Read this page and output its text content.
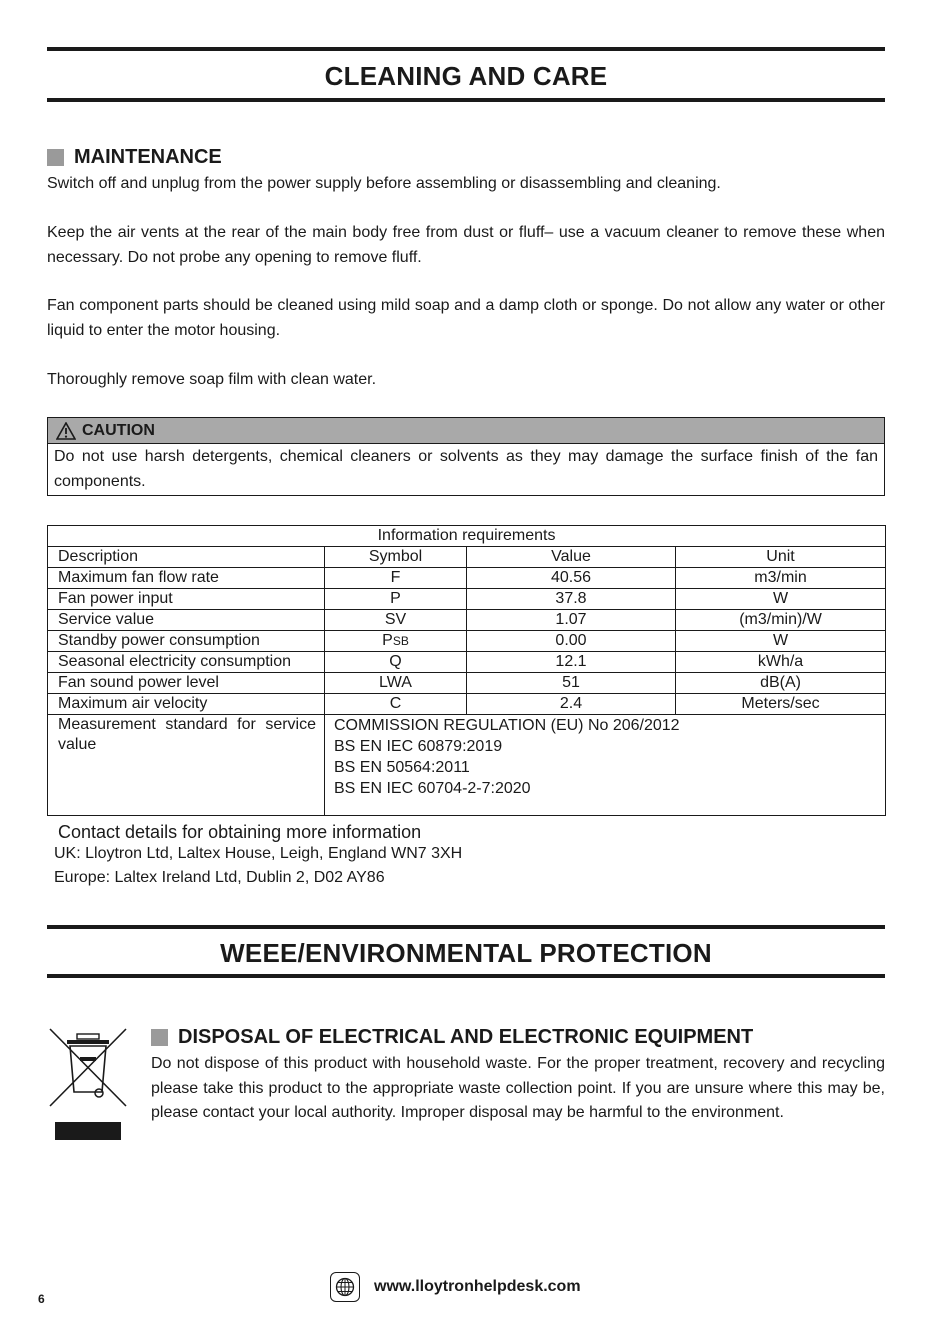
CLEANING AND CARE
MAINTENANCE

Switch off and unplug from the power supply before assembling or disassembling and cleaning.

Keep the air vents at the rear of the main body free from dust or fluff– use a vacuum cleaner to remove these when necessary. Do not probe any opening to remove fluff.

Fan component parts should be cleaned using mild soap and a damp cloth or sponge. Do not allow any water or other liquid to enter the motor housing.

Thoroughly remove soap film with clean water.

CAUTION
Do not use harsh detergents, chemical cleaners or solvents as they may damage the surface finish of the fan components.
Information requirements			
Description	Symbol	Value	Unit
Maximum fan flow rate	F	40.56	m3/min
Fan power input	P	37.8	W
Service value	SV	1.07	(m3/min)/W
Standby power consumption	PSB	0.00	W
Seasonal electricity consumption	Q	12.1	kWh/a
Fan sound power level	LWA	51	dB(A)
Maximum air velocity	C	2.4	Meters/sec
Measurement standard for service value	COMMISSION REGULATION (EU) No 206/2012
BS EN IEC 60879:2019
BS EN 50564:2011
BS EN IEC 60704-2-7:2020		
Contact details for obtaining more information
UK: Lloytron Ltd, Laltex House, Leigh, England WN7 3XH
Europe: Laltex Ireland Ltd, Dublin 2, D02 AY86
WEEE/ENVIRONMENTAL PROTECTION
DISPOSAL OF ELECTRICAL AND ELECTRONIC EQUIPMENT

Do not dispose of this product with household waste. For the proper treatment, recovery and recycling please take this product to the appropriate waste collection point. If you are unsure where this may be, please contact your local authority. Improper disposal may be harmful to the environment.

6
www.lloytronhelpdesk.com
